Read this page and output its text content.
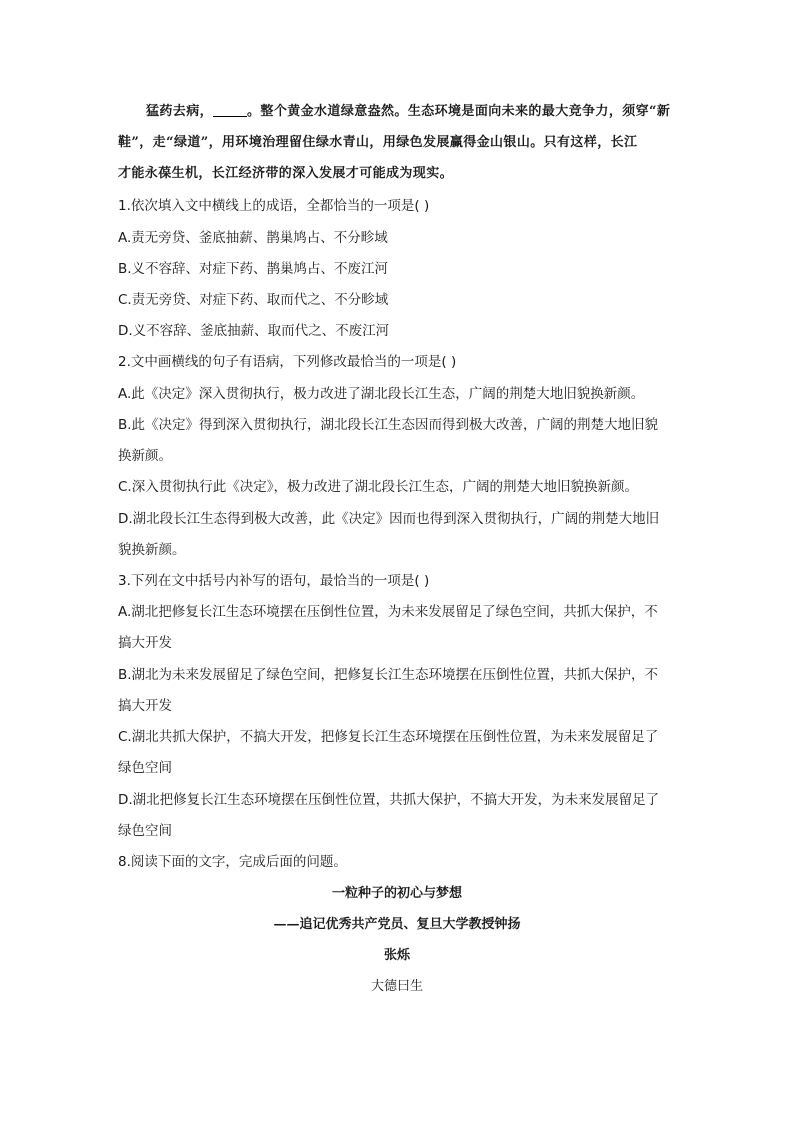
猛药去病，	。整个黄金水道绿意盎然。生态环境是面向未来的最大竞争力，须穿“新
鞋”，走“绿道”，用环境治理留住绿水青山，用绿色发展赢得金山银山。只有这样，长江
才能永葆生机，长江经济带的深入发展才可能成为现实。
1.依次填入文中横线上的成语，全都恰当的一项是( )
A.责无旁贷、釜底抽薪、鹊巢鸠占、不分畛域
B.义不容辞、对症下药、鹊巢鸠占、不废江河
C.责无旁贷、对症下药、取而代之、不分畛域
D.义不容辞、釜底抽薪、取而代之、不废江河
2.文中画横线的句子有语病，下列修改最恰当的一项是( )
A.此《决定》深入贯彻执行，极力改进了湖北段长江生态，广阔的荆楚大地旧貌换新颜。
B.此《决定》得到深入贯彻执行，湖北段长江生态因而得到极大改善，广阔的荆楚大地旧貌
换新颜。
C.深入贯彻执行此《决定》，极力改进了湖北段长江生态，广阔的荆楚大地旧貌换新颜。
D.湖北段长江生态得到极大改善，此《决定》因而也得到深入贯彻执行，广阔的荆楚大地旧
貌换新颜。
3.下列在文中括号内补写的语句，最恰当的一项是( )
A.湖北把修复长江生态环境摆在压倒性位置，为未来发展留足了绿色空间，共抓大保护，不
搞大开发
B.湖北为未来发展留足了绿色空间，把修复长江生态环境摆在压倒性位置，共抓大保护，不
搞大开发
C.湖北共抓大保护，不搞大开发，把修复长江生态环境摆在压倒性位置，为未来发展留足了
绿色空间
D.湖北把修复长江生态环境摆在压倒性位置，共抓大保护，不搞大开发，为未来发展留足了
绿色空间
8.阅读下面的文字，完成后面的问题。
一粒种子的初心与梦想
——追记优秀共产党员、复旦大学教授钟扬
张烁
大德曰生
